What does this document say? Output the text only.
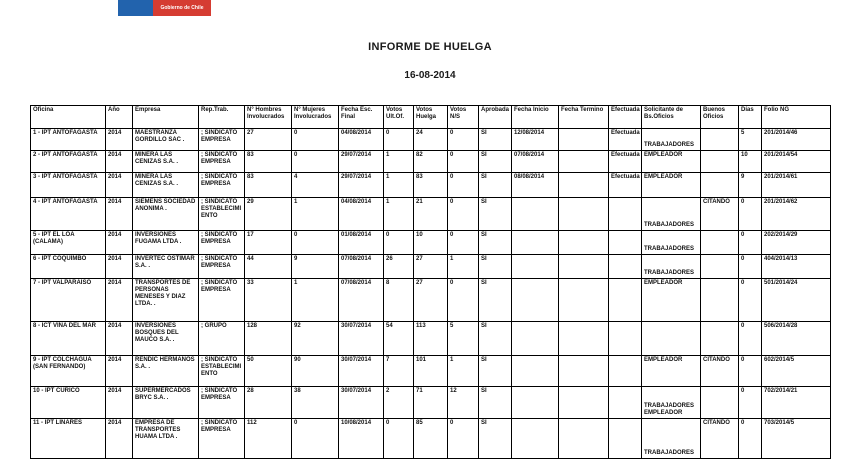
Gobierno de Chile
INFORME DE HUELGA
16-08-2014
Oficina	Año	Empresa	Rep.Trab.	N° Hombres Involucrados	N° Mujeres Involucrados	Fecha Esc. Final	Votos Ult.Of.	Votos Huelga	Votos N/S	Aprobada	Fecha Inicio	Fecha Termino	Efectuada	Solicitante de Bs.Oficios	Buenos Oficios	Días	Folio NG
1 - IPT ANTOFAGASTA	2014	MAESTRANZA GORDILLO SAC .	; SINDICATO EMPRESA	27	0	04/08/2014	0	24	0	SI	12/08/2014		Efectuada	TRABAJADORES		5	201/2014/46
2 - IPT ANTOFAGASTA	2014	MINERA LAS CENIZAS S.A. .	; SINDICATO EMPRESA	83	0	29/07/2014	1	82	0	SI	07/08/2014		Efectuada	EMPLEADOR		10	201/2014/54
3 - IPT ANTOFAGASTA	2014	MINERA LAS CENIZAS S.A. .	; SINDICATO EMPRESA	83	4	29/07/2014	1	83	0	SI	08/08/2014		Efectuada	EMPLEADOR		9	201/2014/61
4 - IPT ANTOFAGASTA	2014	SIEMENS SOCIEDAD ANONIMA .	; SINDICATO ESTABLECIMIENTO	29	1	04/08/2014	1	21	0	SI				TRABAJADORES	CITANDO	0	201/2014/62
5 - IPT EL LOA (CALAMA)	2014	INVERSIONES FUGAMA LTDA .	; SINDICATO EMPRESA	17	0	01/08/2014	0	10	0	SI				TRABAJADORES		0	202/2014/29
6 - IPT COQUIMBO	2014	INVERTEC OSTIMAR S.A. .	; SINDICATO EMPRESA	44	9	07/08/2014	26	27	1	SI				TRABAJADORES		0	404/2014/13
7 - IPT VALPARAISO	2014	TRANSPORTES DE PERSONAS MENESES Y DIAZ LTDA. .	; SINDICATO EMPRESA	33	1	07/08/2014	8	27	0	SI				EMPLEADOR		0	501/2014/24
8 - ICT VIÑA DEL MAR	2014	INVERSIONES BOSQUES DEL MAUCO S.A. .	; GRUPO	128	92	30/07/2014	54	113	5	SI						0	506/2014/28
9 - IPT COLCHAGUA (SAN FERNANDO)	2014	RENDIC HERMANOS S.A. .	; SINDICATO ESTABLECIMIENTO	50	90	30/07/2014	7	101	1	SI				EMPLEADOR	CITANDO	0	602/2014/5
10 - IPT CURICO	2014	SUPERMERCADOS BRYC S.A. .	; SINDICATO EMPRESA	28	38	30/07/2014	2	71	12	SI				TRABAJADORES EMPLEADOR		0	702/2014/21
11 - IPT LINARES	2014	EMPRESA DE TRANSPORTES HUAMA LTDA .	; SINDICATO EMPRESA	112	0	10/08/2014	0	85	0	SI				TRABAJADORES	CITANDO	0	703/2014/5
